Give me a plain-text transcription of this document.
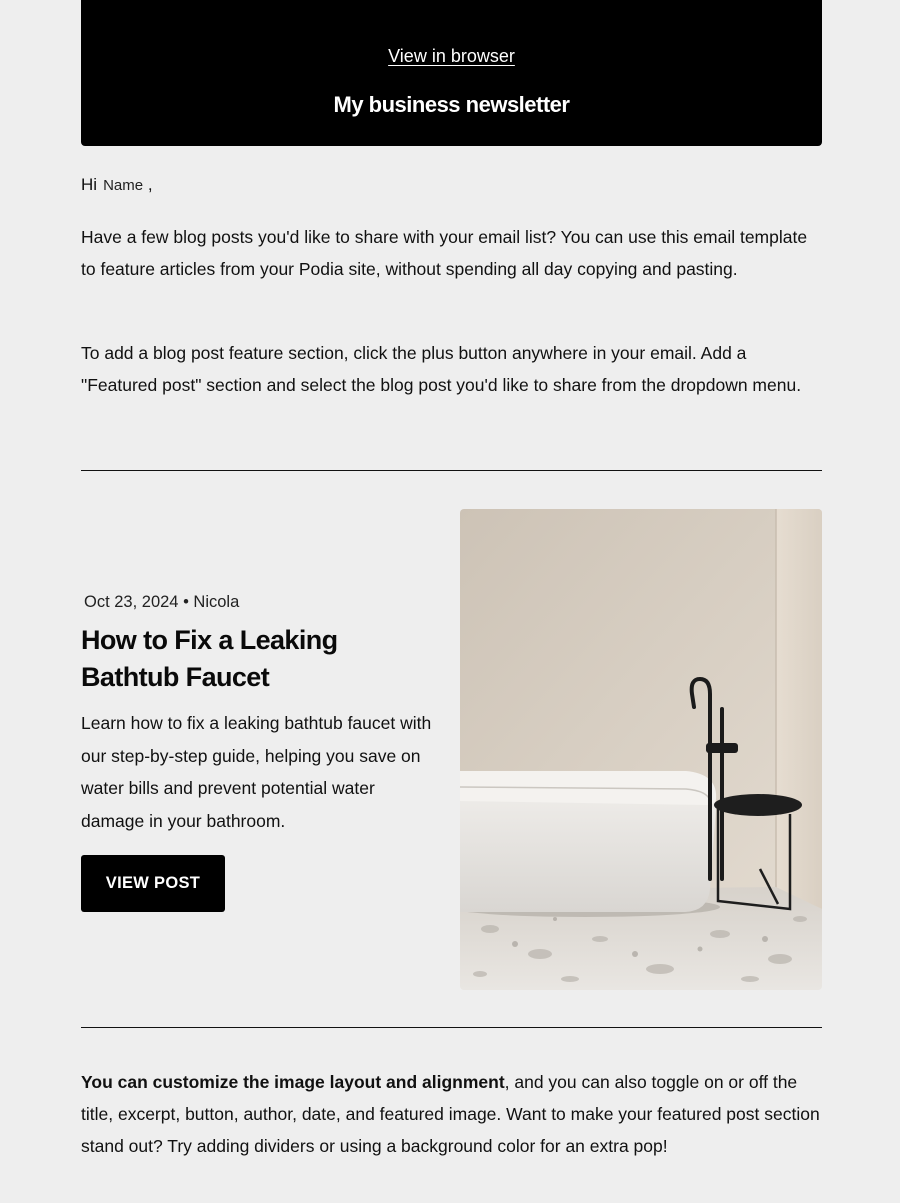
View in browser
My business newsletter
Hi Name ,

Have a few blog posts you'd like to share with your email list? You can use this email template to feature articles from your Podia site, without spending all day copying and pasting.

To add a blog post feature section, click the plus button anywhere in your email. Add a "Featured post" section and select the blog post you'd like to share from the dropdown menu.

Oct 23, 2024 • Nicola
How to Fix a Leaking Bathtub Faucet

Learn how to fix a leaking bathtub faucet with our step-by-step guide, helping you save on water bills and prevent potential water damage in your bathroom.

VIEW POST

You can customize the image layout and alignment, and you can also toggle on or off the title, excerpt, button, author, date, and featured image. Want to make your featured post section stand out? Try adding dividers or using a background color for an extra pop!
